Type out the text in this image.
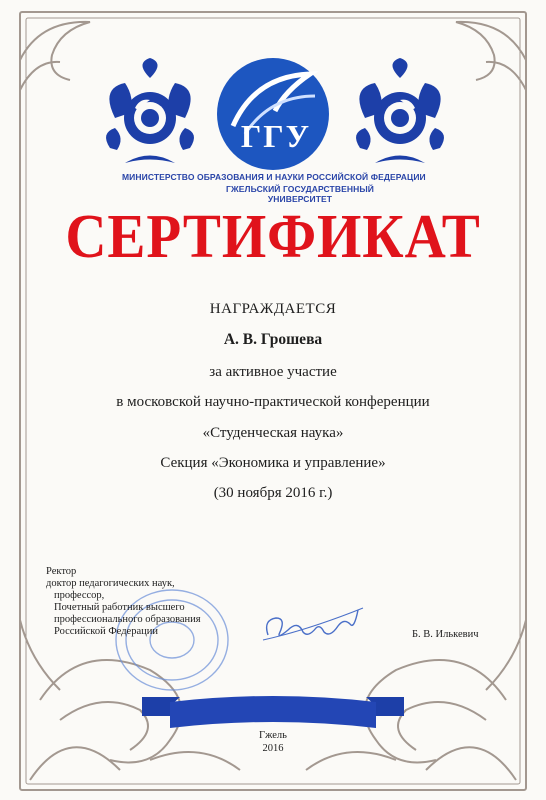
ГГУ
МИНИСТЕРСТВО ОБРАЗОВАНИЯ И НАУКИ РОССИЙСКОЙ ФЕДЕРАЦИИ
ГЖЕЛЬСКИЙ ГОСУДАРСТВЕННЫЙ
УНИВЕРСИТЕТ
СЕРТИФИКАТ
НАГРАЖДАЕТСЯ
А. В. Грошева
за активное участие
в московской научно-практической конференции
«Студенческая наука»
Секция «Экономика и управление»
(30 ноября 2016 г.)
Ректор
доктор педагогических наук,
профессор,
Почетный работник высшего
профессионального образования
Российской Федерации	Б. В. Илькевич
Гжель
2016
